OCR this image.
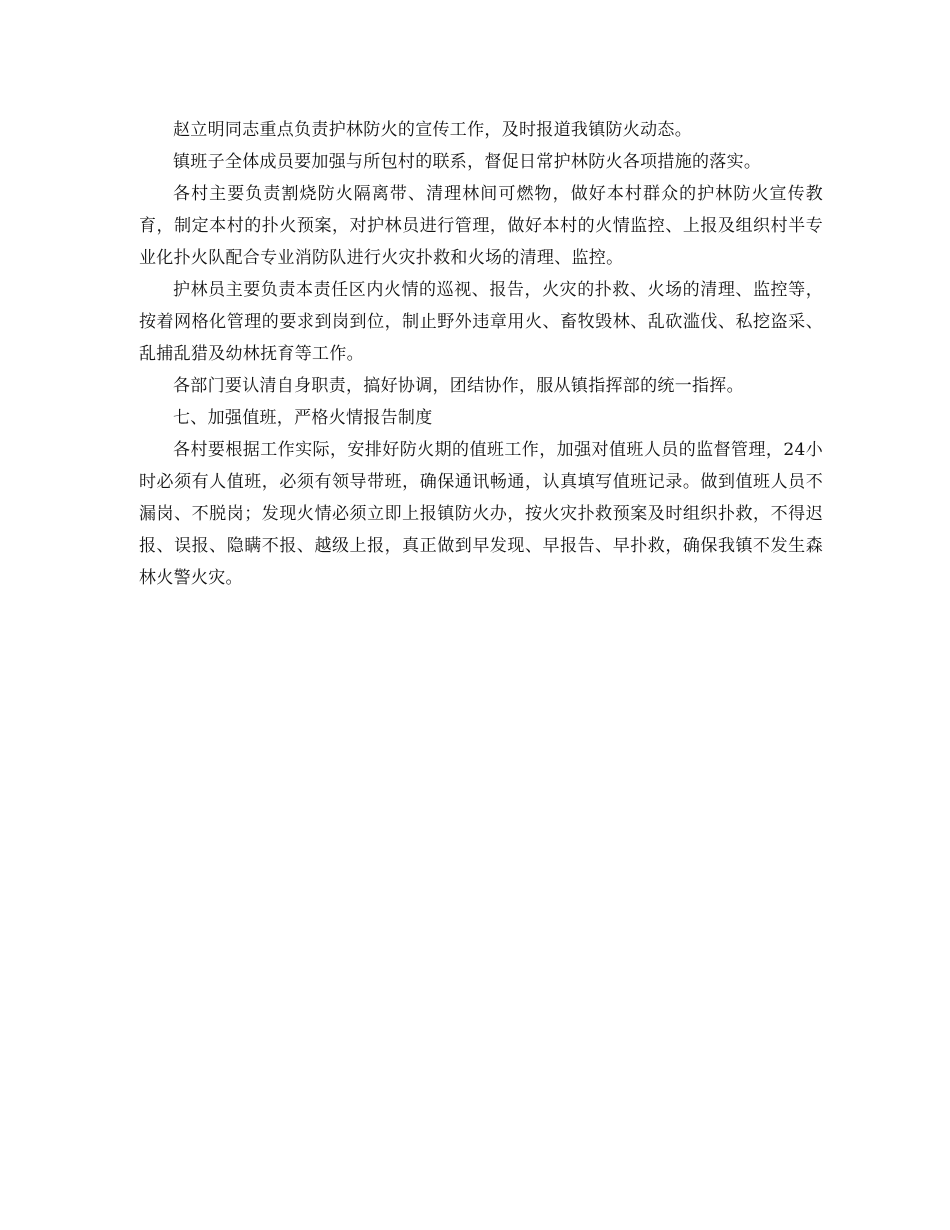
赵立明同志重点负责护林防火的宣传工作，及时报道我镇防火动态。

镇班子全体成员要加强与所包村的联系，督促日常护林防火各项措施的落实。

各村主要负责割烧防火隔离带、清理林间可燃物，做好本村群众的护林防火宣传教育，制定本村的扑火预案，对护林员进行管理，做好本村的火情监控、上报及组织村半专业化扑火队配合专业消防队进行火灾扑救和火场的清理、监控。

护林员主要负责本责任区内火情的巡视、报告，火灾的扑救、火场的清理、监控等，按着网格化管理的要求到岗到位，制止野外违章用火、畜牧毁林、乱砍滥伐、私挖盗采、乱捕乱猎及幼林抚育等工作。

各部门要认清自身职责，搞好协调，团结协作，服从镇指挥部的统一指挥。

七、加强值班，严格火情报告制度

各村要根据工作实际，安排好防火期的值班工作，加强对值班人员的监督管理，24小时必须有人值班，必须有领导带班，确保通讯畅通，认真填写值班记录。做到值班人员不漏岗、不脱岗；发现火情必须立即上报镇防火办，按火灾扑救预案及时组织扑救，不得迟报、误报、隐瞒不报、越级上报，真正做到早发现、早报告、早扑救，确保我镇不发生森林火警火灾。
